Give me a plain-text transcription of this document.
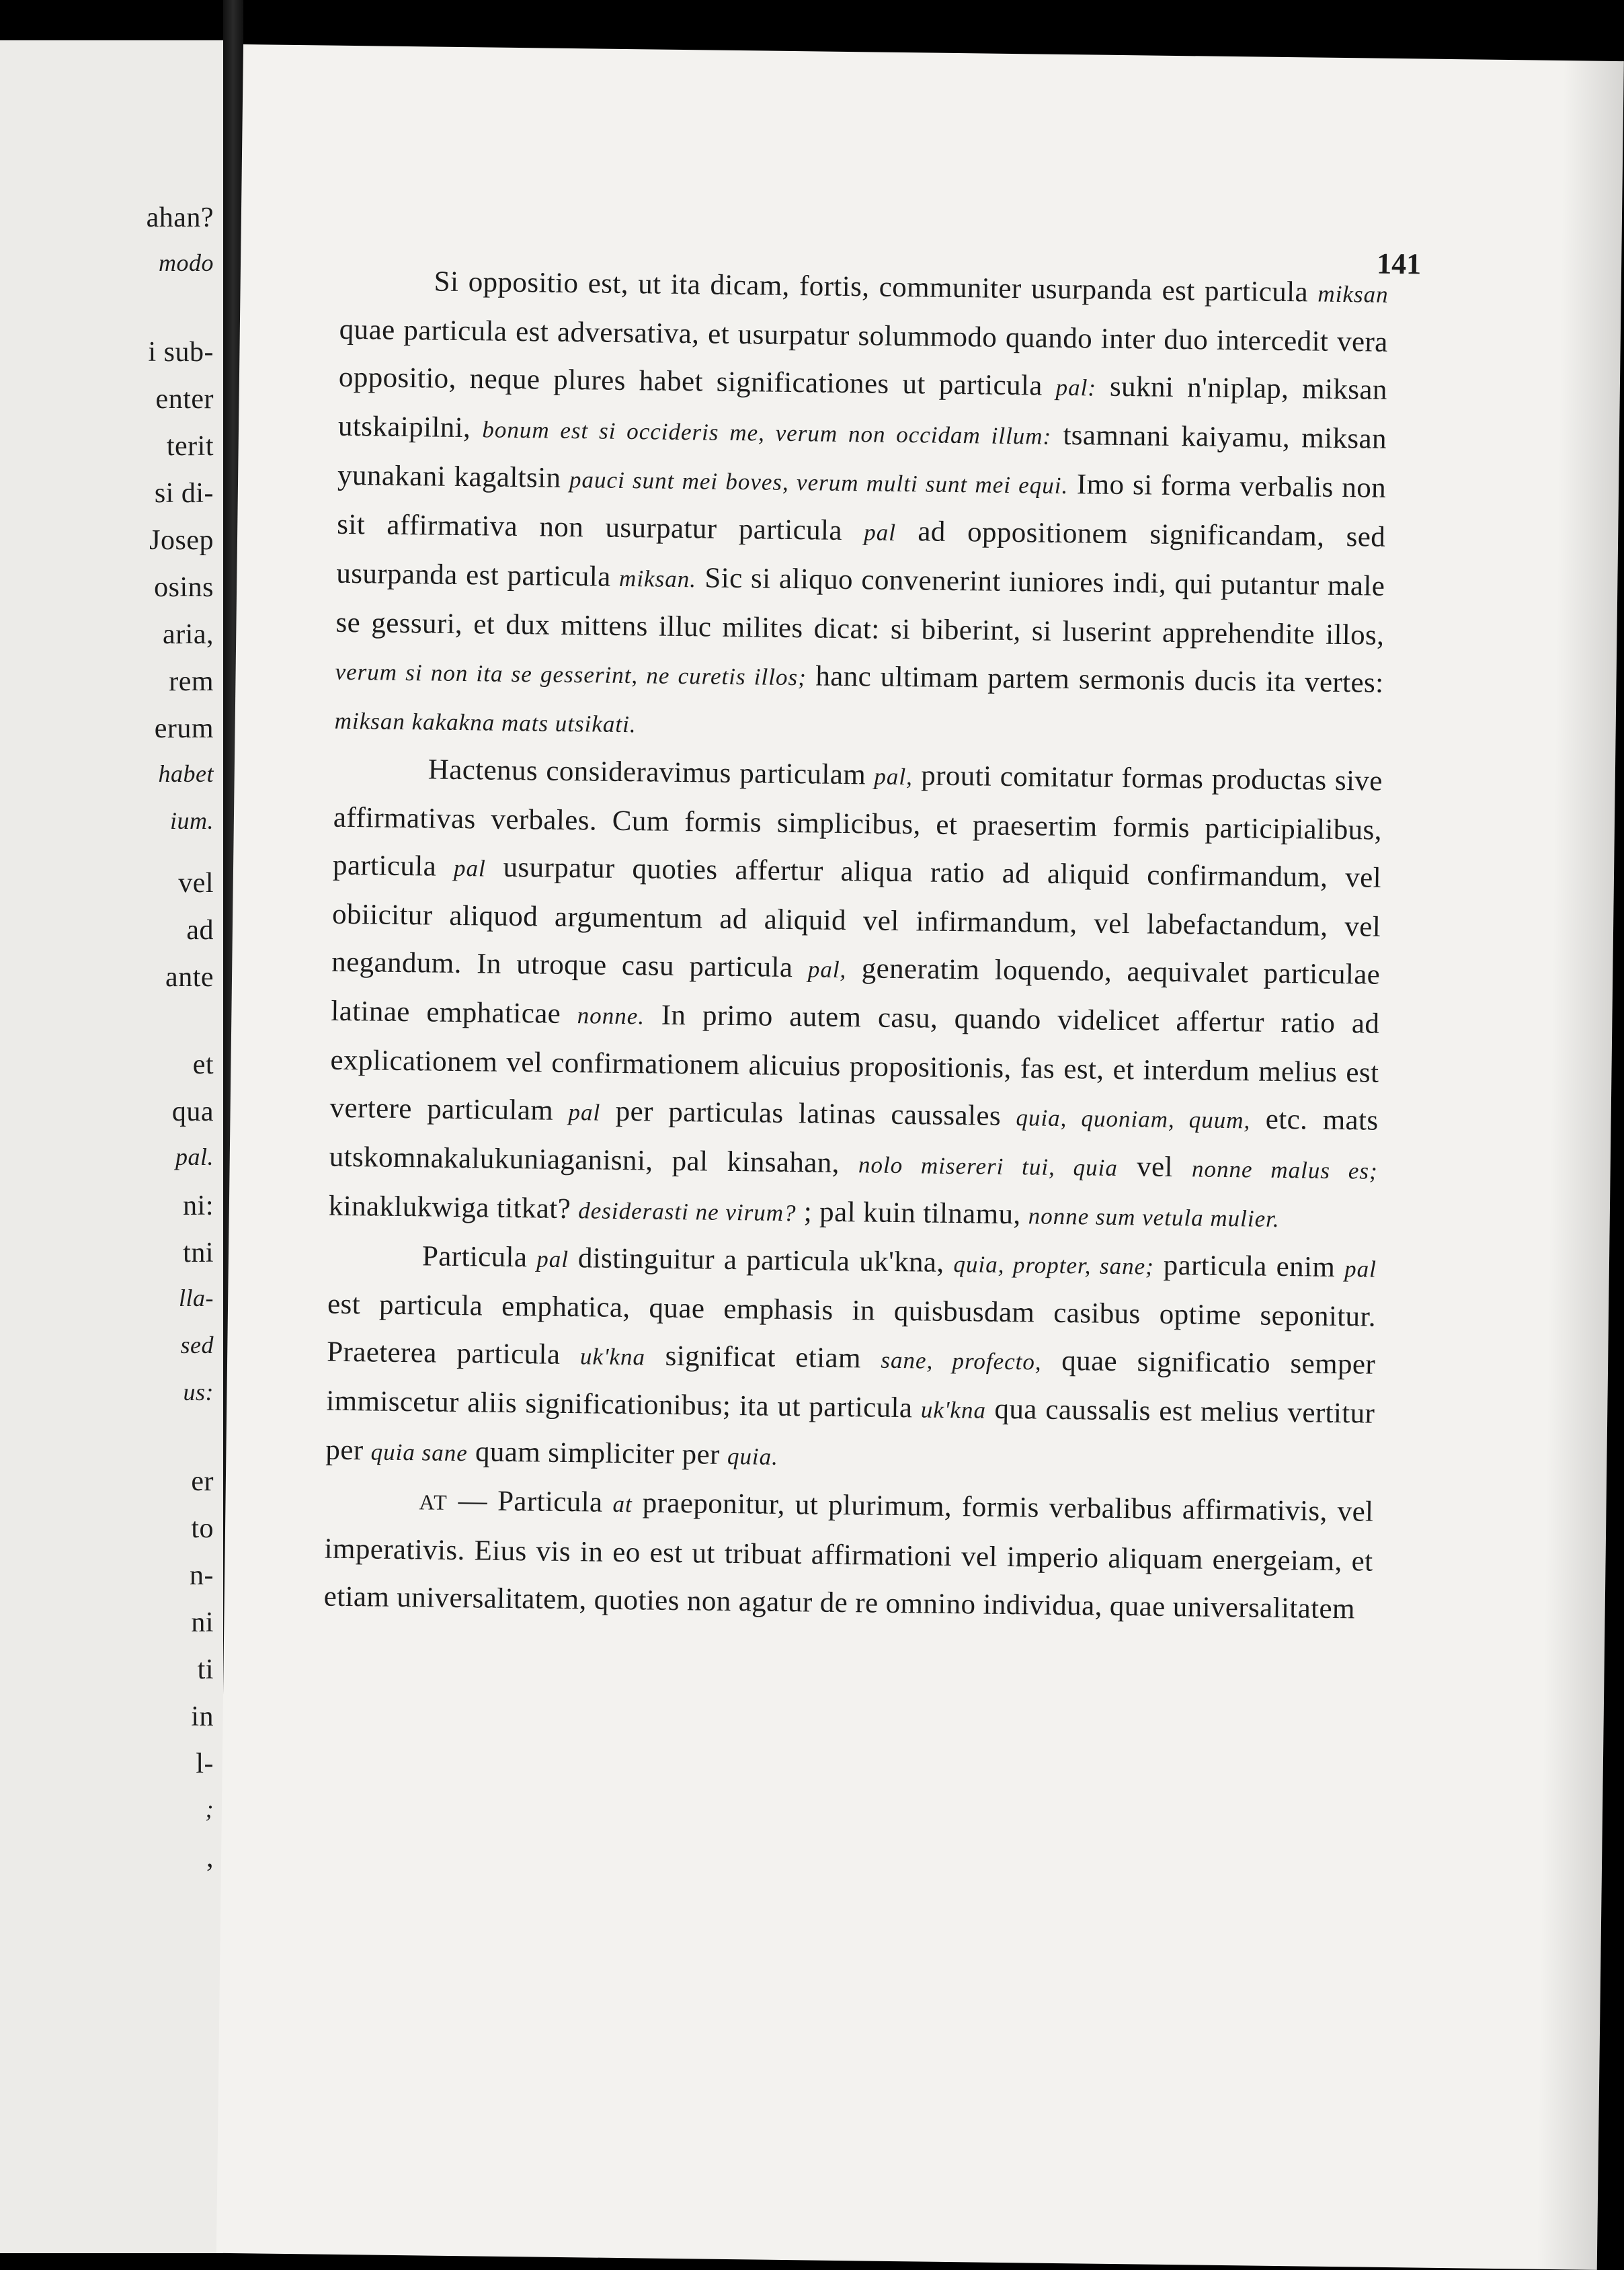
ahan?
modo
i sub-
enter
terit
si di-
Josep
osins
aria,
rem
erum
habet
ium.
vel
ad
ante
et
qua
pal.
ni:
tni
lla-
sed
us:
er
to
n-
ni
ti
in
l-
;
,
141

Si oppositio est, ut ita dicam, fortis, communiter usurpanda est particula miksan quae particula est adversativa, et usurpatur solummodo quando inter duo intercedit vera oppositio, neque plures habet significationes ut particula pal: sukni n'niplap, miksan utskaipilni, bonum est si occideris me, verum non occidam illum: tsamnani kaiyamu, miksan yunakani kagaltsin pauci sunt mei boves, verum multi sunt mei equi. Imo si forma verbalis non sit affirmativa non usurpatur particula pal ad oppositionem significandam, sed usurpanda est particula miksan. Sic si aliquo convenerint iuniores indi, qui putantur male se gessuri, et dux mittens illuc milites dicat: si biberint, si luserint apprehendite illos, verum si non ita se gesserint, ne curetis illos; hanc ultimam partem sermonis ducis ita vertes: miksan kakakna mats utsikati.

Hactenus consideravimus particulam pal, prouti comitatur formas productas sive affirmativas verbales. Cum formis simplicibus, et praesertim formis participialibus, particula pal usurpatur quoties affertur aliqua ratio ad aliquid confirmandum, vel obiicitur aliquod argumentum ad aliquid vel infirmandum, vel labefactandum, vel negandum. In utroque casu particula pal, generatim loquendo, aequivalet particulae latinae emphaticae nonne. In primo autem casu, quando videlicet affertur ratio ad explicationem vel confirmationem alicuius propositionis, fas est, et interdum melius est vertere particulam pal per particulas latinas caussales quia, quoniam, quum, etc. mats utskomnakalukuniaganisni, pal kinsahan, nolo misereri tui, quia vel nonne malus es; kinaklukwiga titkat? desiderasti ne virum? ; pal kuin tilnamu, nonne sum vetula mulier.

Particula pal distinguitur a particula uk'kna, quia, propter, sane; particula enim pal est particula emphatica, quae emphasis in quisbusdam casibus optime seponitur. Praeterea particula uk'kna significat etiam sane, profecto, quae significatio semper immiscetur aliis significationibus; ita ut particula uk'kna qua caussalis est melius vertitur per quia sane quam simpliciter per quia.

AT — Particula at praeponitur, ut plurimum, formis verbalibus affirmativis, vel imperativis. Eius vis in eo est ut tribuat affirmationi vel imperio aliquam energeiam, et etiam universalitatem, quoties non agatur de re omnino individua, quae universalitatem
